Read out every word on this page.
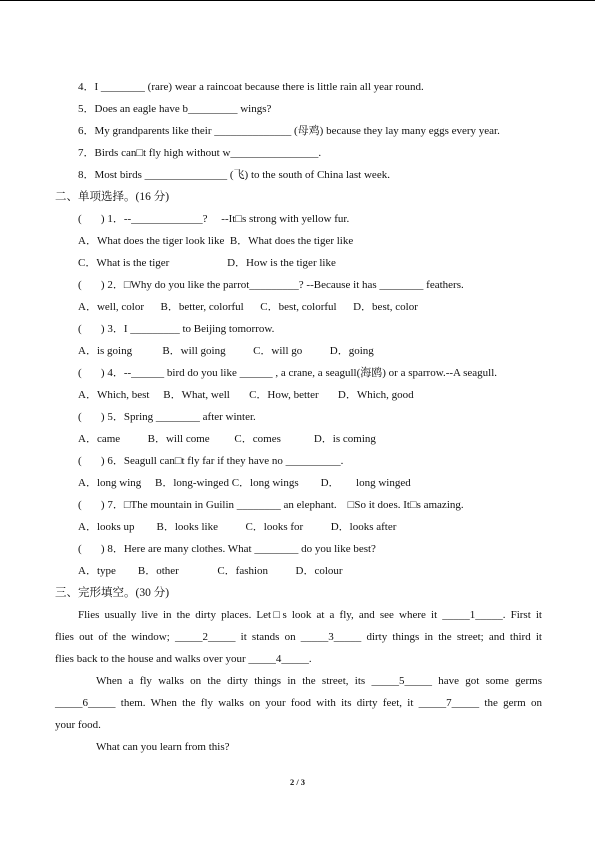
4．I ________ (rare) wear a raincoat because there is little rain all year round.
5．Does an eagle have b_________ wings?
6．My grandparents like their ______________ (母鸡) because they lay many eggs every year.
7．Birds can□t fly high without w________________.
8．Most birds _______________ (飞) to the south of China last week.
二、单项选择。(16 分)
(       ) 1．--_____________?     --It□s strong with yellow fur.
A．What does the tiger look like  B．What does the tiger like
C．What is the tiger                     D．How is the tiger like
(       ) 2．□Why do you like the parrot_________? --Because it has ________ feathers.
A．well, color      B．better, colorful      C．best, colorful      D．best, color
(       ) 3．I _________ to Beijing tomorrow.
A．is going           B．will going          C．will go          D．going
(       ) 4．--______ bird do you like ______ , a crane, a seagull(海鸥) or a sparrow.--A seagull.
A．Which, best     B．What, well       C．How, better       D．Which, good
(       ) 5．Spring ________ after winter.
A．came          B．will come         C．comes            D．is coming
(       ) 6．Seagull can□t fly far if they have no __________.
A．long wing     B．long-winged C．long wings        D．      long winged
(       ) 7．□The mountain in Guilin ________ an elephant.    □So it does. It□s amazing.
A．looks up        B．looks like          C．looks for          D．looks after
(       ) 8．Here are many clothes. What ________ do you like best?
A．type        B．other              C．fashion          D．colour
三、完形填空。(30 分)
Flies usually live in the dirty places. Let□s look at a fly, and see where it _____1_____. First it
flies out of the window; _____2_____ it stands on _____3_____ dirty things in the street; and third it
flies back to the house and walks over your _____4_____.
When a fly walks on the dirty things in the street, its _____5_____ have got some germs
_____6_____ them. When the fly walks on your food with its dirty feet, it _____7_____ the germ on
your food.
What can you learn from this?
2 / 3
